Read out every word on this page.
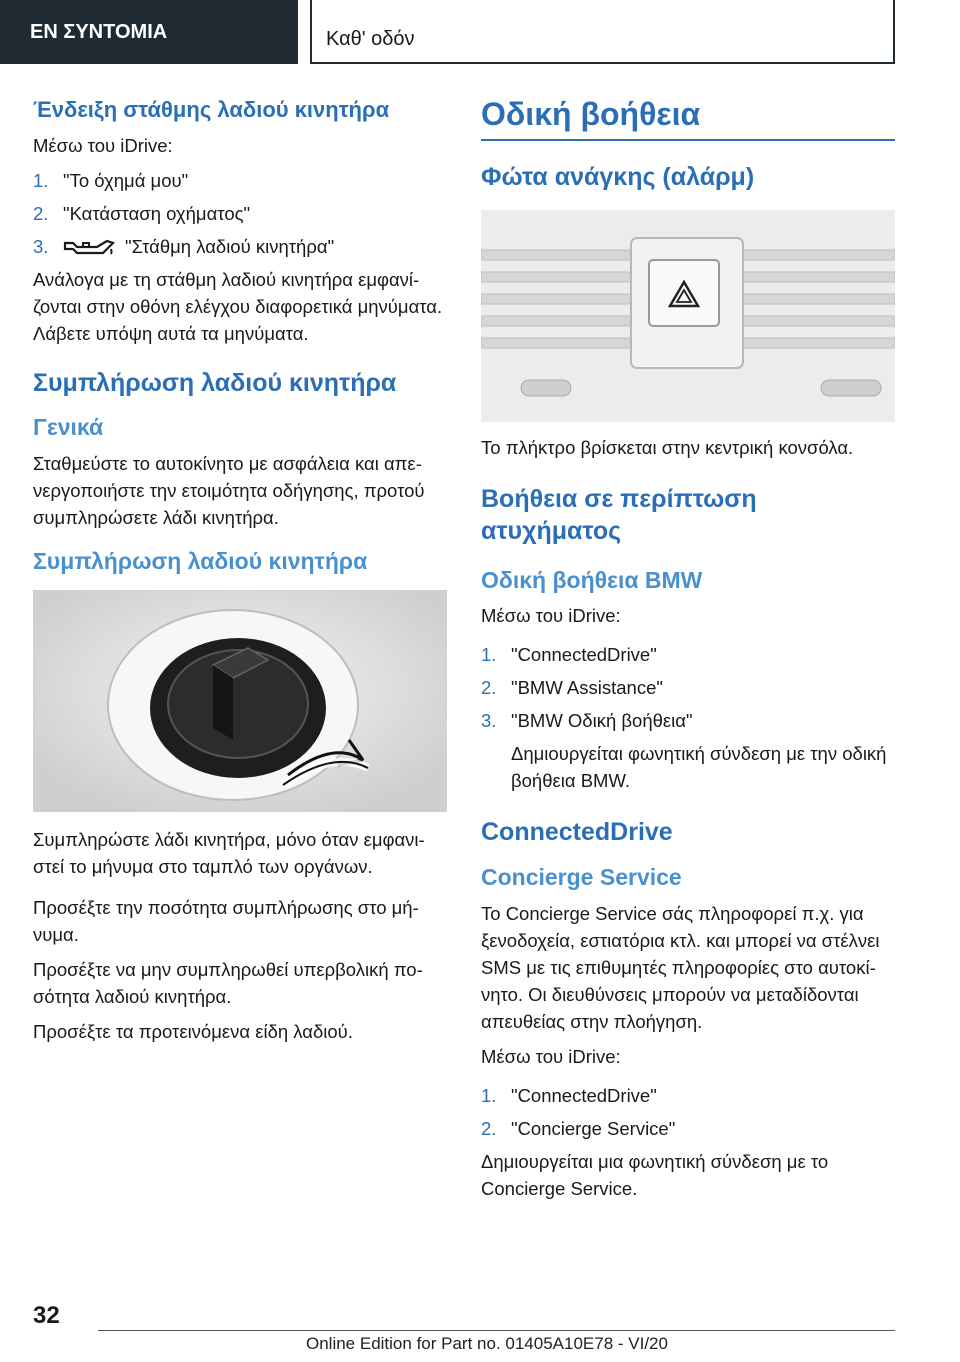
ΕΝ ΣΥΝΤΟΜΙΑ	Καθ' οδόν
Ένδειξη στάθμης λαδιού κινητήρα

Μέσω του iDrive:

1. "Το όχημά μου"
2. "Κατάσταση οχήματος"
3.	"Στάθμη λαδιού κινητήρα"

Ανάλογα με τη στάθμη λαδιού κινητήρα εμφανίζονται στην οθόνη ελέγχου διαφορετικά μηνύματα. Λάβετε υπόψη αυτά τα μηνύματα.

Συμπλήρωση λαδιού κινητήρα
Γενικά

Σταθμεύστε το αυτοκίνητο με ασφάλεια και απενεργοποιήστε την ετοιμότητα οδήγησης, προτού συμπληρώσετε λάδι κινητήρα.

Συμπλήρωση λαδιού κινητήρα

Συμπληρώστε λάδι κινητήρα, μόνο όταν εμφανιστεί το μήνυμα στο ταμπλό των οργάνων.

Προσέξτε την ποσότητα συμπλήρωσης στο μήνυμα.

Προσέξτε να μην συμπληρωθεί υπερβολική ποσότητα λαδιού κινητήρα.

Προσέξτε τα προτεινόμενα είδη λαδιού.

Οδική βοήθεια
Φώτα ανάγκης (αλάρμ)

Το πλήκτρο βρίσκεται στην κεντρική κονσόλα.

Βοήθεια σε περίπτωση ατυχήματος
Οδική βοήθεια BMW

Μέσω του iDrive:

1. "ConnectedDrive"
2. "BMW Assistance"
3. "BMW Οδική βοήθεια"

Δημιουργείται φωνητική σύνδεση με την οδική βοήθεια BMW.

ConnectedDrive
Concierge Service

Το Concierge Service σάς πληροφορεί π.χ. για ξενοδοχεία, εστιατόρια κτλ. και μπορεί να στέλνει SMS με τις επιθυμητές πληροφορίες στο αυτοκίνητο. Οι διευθύνσεις μπορούν να μεταδίδονται απευθείας στην πλοήγηση.

Μέσω του iDrive:

1. "ConnectedDrive"
2. "Concierge Service"

Δημιουργείται μια φωνητική σύνδεση με το Concierge Service.

32
Online Edition for Part no. 01405A10E78 - VI/20
